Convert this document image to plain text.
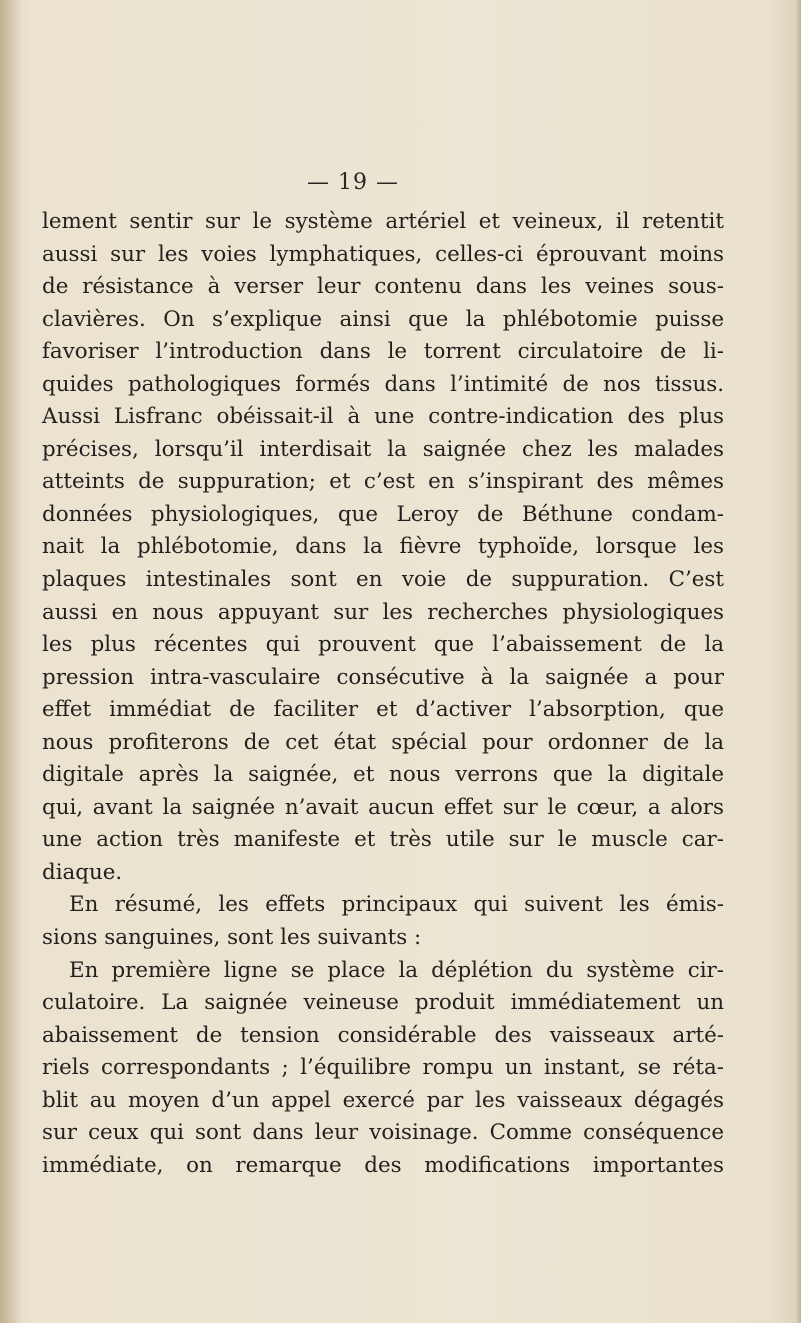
— 19 —
lement sentir sur le système artériel et veineux, il retentit
aussi sur les voies lymphatiques, celles-ci éprouvant moins
de résistance à verser leur contenu dans les veines sous-
clavières. On s’explique ainsi que la phlébotomie puisse
favoriser l’introduction dans le torrent circulatoire de li-
quides pathologiques formés dans l’intimité de nos tissus.
Aussi Lisfranc obéissait-il à une contre-indication des plus
précises, lorsqu’il interdisait la saignée chez les malades
atteints de suppuration; et c’est en s’inspirant des mêmes
données physiologiques, que Leroy de Béthune condam-
nait la phlébotomie, dans la fièvre typhoïde, lorsque les
plaques intestinales sont en voie de suppuration. C’est
aussi en nous appuyant sur les recherches physiologiques
les plus récentes qui prouvent que l’abaissement de la
pression intra-vasculaire consécutive à la saignée a pour
effet immédiat de faciliter et d’activer l’absorption, que
nous profiterons de cet état spécial pour ordonner de la
digitale après la saignée, et nous verrons que la digitale
qui, avant la saignée n’avait aucun effet sur le cœur, a alors
une action très manifeste et très utile sur le muscle car-
diaque.
En résumé, les effets principaux qui suivent les émis-
sions sanguines, sont les suivants :
En première ligne se place la déplétion du système cir-
culatoire. La saignée veineuse produit immédiatement un
abaissement de tension considérable des vaisseaux arté-
riels correspondants ; l’équilibre rompu un instant, se réta-
blit au moyen d’un appel exercé par les vaisseaux dégagés
sur ceux qui sont dans leur voisinage. Comme conséquence
immédiate, on remarque des modifications importantes
